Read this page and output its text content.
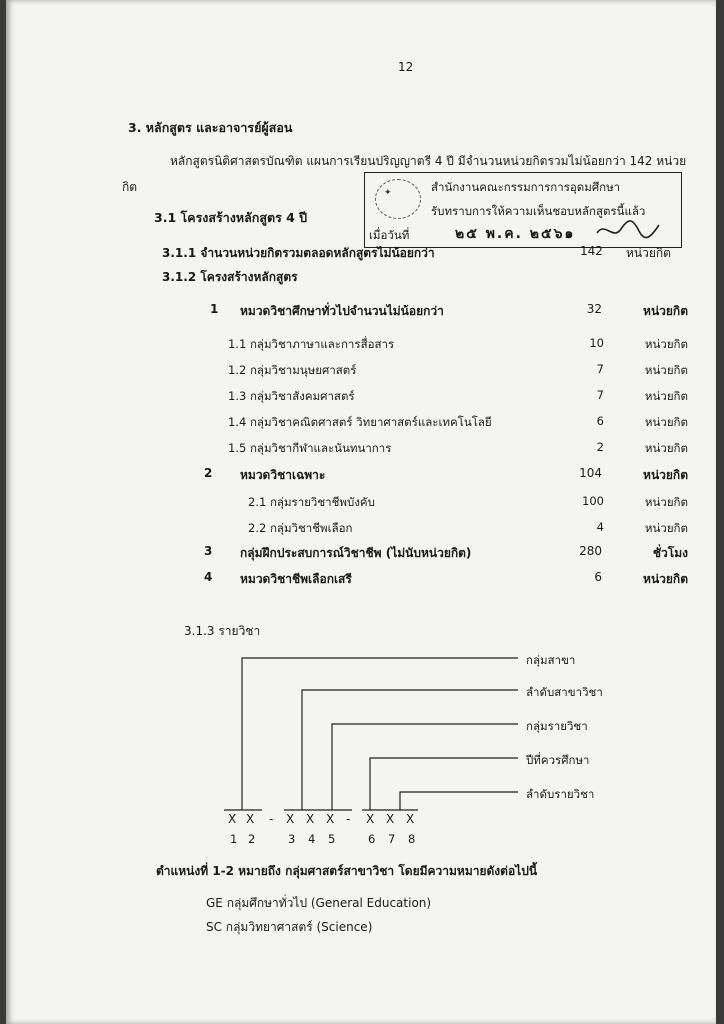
12
3. หลักสูตร และอาจารย์ผู้สอน
หลักสูตรนิติศาสตรบัณฑิต แผนการเรียนปริญญาตรี 4 ปี มีจำนวนหน่วยกิตรวมไม่น้อยกว่า 142 หน่วย
กิต
3.1 โครงสร้างหลักสูตร 4 ปี
✦	สำนักงานคณะกรรมการการอุดมศึกษา
รับทราบการให้ความเห็นชอบหลักสูตรนี้แล้ว
เมื่อวันที่	๒๕ พ.ค. ๒๕๖๑
3.1.1 จำนวนหน่วยกิตรวมตลอดหลักสูตรไม่น้อยกว่า	142 หน่วยกิต
3.1.2 โครงสร้างหลักสูตร
1 หมวดวิชาศึกษาทั่วไปจำนวนไม่น้อยกว่า	32	หน่วยกิต
1.1 กลุ่มวิชาภาษาและการสื่อสาร	10	หน่วยกิต
1.2 กลุ่มวิชามนุษยศาสตร์	7	หน่วยกิต
1.3 กลุ่มวิชาสังคมศาสตร์	7	หน่วยกิต
1.4 กลุ่มวิชาคณิตศาสตร์ วิทยาศาสตร์และเทคโนโลยี	6	หน่วยกิต
1.5 กลุ่มวิชากีฬาและนันทนาการ	2	หน่วยกิต
2 หมวดวิชาเฉพาะ	104	หน่วยกิต
2.1 กลุ่มรายวิชาชีพบังคับ	100	หน่วยกิต
2.2 กลุ่มวิชาชีพเลือก	4	หน่วยกิต
3 กลุ่มฝึกประสบการณ์วิชาชีพ (ไม่นับหน่วยกิต)	280	ชั่วโมง
4 หมวดวิชาชีพเลือกเสรี	6	หน่วยกิต
3.1.3 รายวิชา
กลุ่มสาขา
ลำดับสาขาวิชา
กลุ่มรายวิชา
ปีที่ควรศึกษา
ลำดับรายวิชา
X X - X X X - X X X
1 2	3 4 5	6 7 8
ตำแหน่งที่ 1-2 หมายถึง กลุ่มศาสตร์สาขาวิชา โดยมีความหมายดังต่อไปนี้
GE กลุ่มศึกษาทั่วไป (General Education)
SC กลุ่มวิทยาศาสตร์ (Science)
